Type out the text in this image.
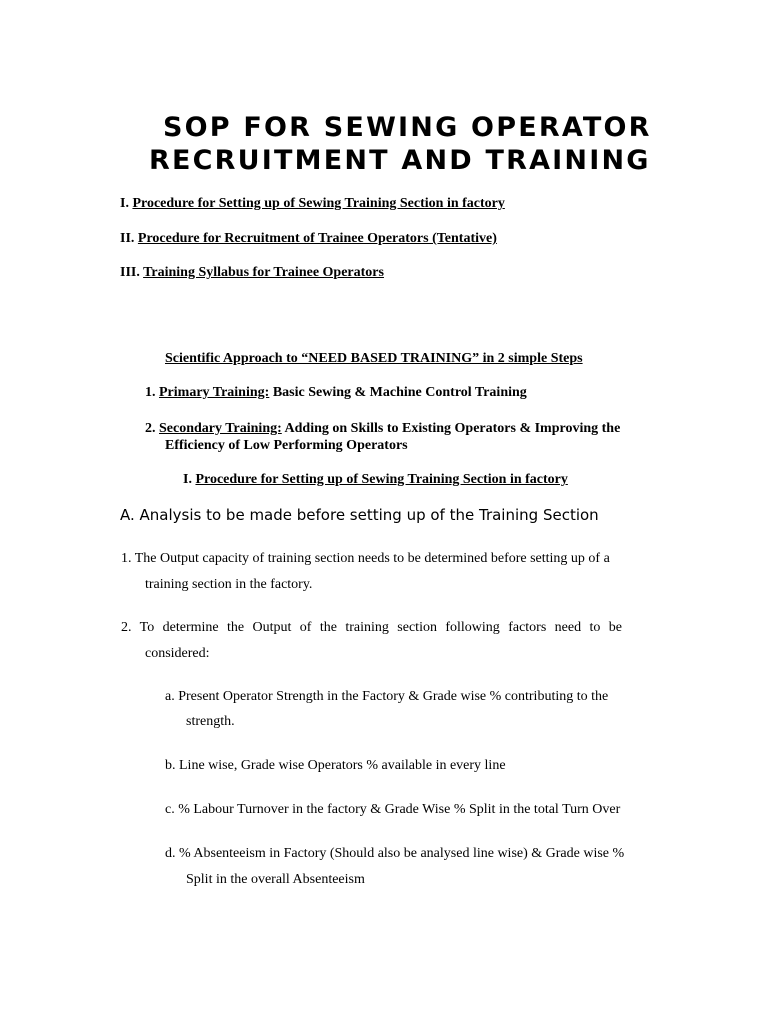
SOP FOR SEWING OPERATOR
RECRUITMENT AND TRAINING
I. Procedure for Setting up of Sewing Training Section in factory
II. Procedure for Recruitment of Trainee Operators (Tentative)
III. Training Syllabus for Trainee Operators
Scientific Approach to “NEED BASED TRAINING” in 2 simple Steps
1. Primary Training: Basic Sewing & Machine Control Training
2. Secondary Training: Adding on Skills to Existing Operators & Improving the
Efficiency of Low Performing Operators
I. Procedure for Setting up of Sewing Training Section in factory
A. Analysis to be made before setting up of the Training Section
1. The Output capacity of training section needs to be determined before setting up of a
training section in the factory.
2. To determine the Output of the training section following factors need to be
considered:
a. Present Operator Strength in the Factory & Grade wise % contributing to the
strength.
b. Line wise, Grade wise Operators % available in every line
c. % Labour Turnover in the factory & Grade Wise % Split in the total Turn Over
d. % Absenteeism in Factory (Should also be analysed line wise) & Grade wise %
Split in the overall Absenteeism
